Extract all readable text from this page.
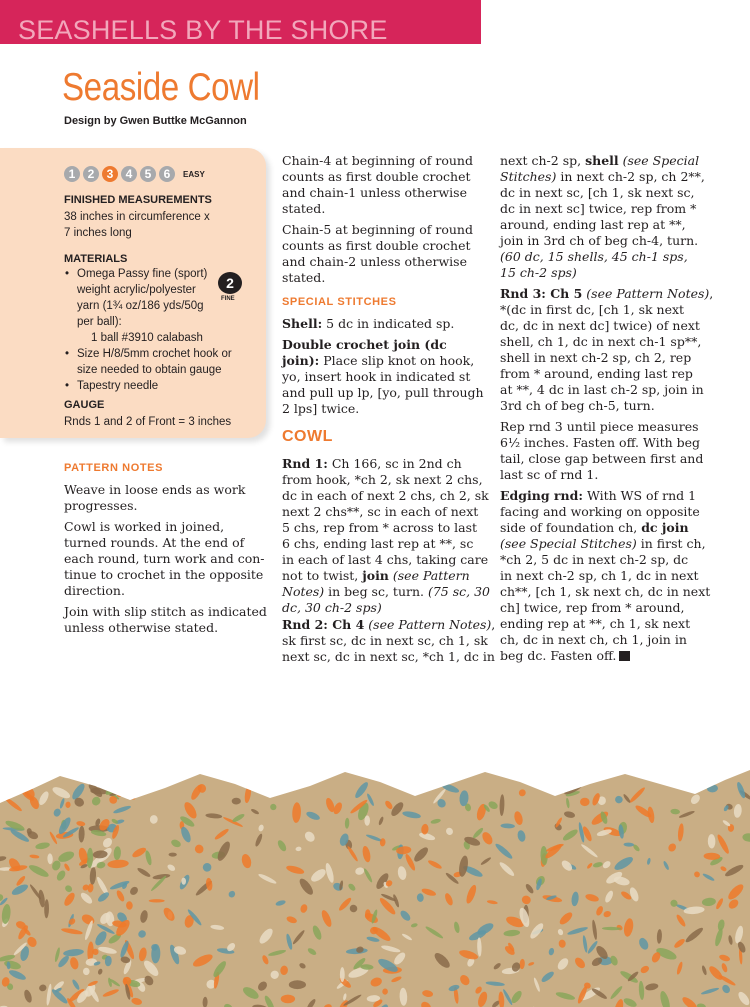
SEASHELLS BY THE SHORE
Seaside Cowl
Design by Gwen Buttke McGannon
1	2	3	4	5	6	EASY
FINISHED MEASUREMENTS
38 inches in circumference x
7 inches long
MATERIALS
• Omega Passy fine (sport)
weight acrylic/polyester
yarn (1¾ oz/186 yds/50g
per ball):
1 ball #3910 calabash
• Size H/8/5mm crochet hook or
size needed to obtain gauge
• Tapestry needle
2
FINE
GAUGE
Rnds 1 and 2 of Front = 3 inches
PATTERN NOTES
Weave in loose ends as work
progresses.
Cowl is worked in joined,
turned rounds. At the end of
each round, turn work and con-
tinue to crochet in the opposite
direction.
Join with slip stitch as indicated
unless otherwise stated.
Chain-4 at beginning of round
counts as first double crochet
and chain-1 unless otherwise
stated.
Chain-5 at beginning of round
counts as first double crochet
and chain-2 unless otherwise
stated.
SPECIAL STITCHES
Shell: 5 dc in indicated sp.
Double crochet join (dc
join): Place slip knot on hook,
yo, insert hook in indicated st
and pull up lp, [yo, pull through
2 lps] twice.
COWL
Rnd 1: Ch 166, sc in 2nd ch
from hook, *ch 2, sk next 2 chs,
dc in each of next 2 chs, ch 2, sk
next 2 chs**, sc in each of next
5 chs, rep from * across to last
6 chs, ending last rep at **, sc
in each of last 4 chs, taking care
not to twist, join (see Pattern
Notes) in beg sc, turn. (75 sc, 30
dc, 30 ch-2 sps)
Rnd 2: Ch 4 (see Pattern Notes),
sk first sc, dc in next sc, ch 1, sk
next sc, dc in next sc, *ch 1, dc in
next ch-2 sp, shell (see Special
Stitches) in next ch-2 sp, ch 2**,
dc in next sc, [ch 1, sk next sc,
dc in next sc] twice, rep from *
around, ending last rep at **,
join in 3rd ch of beg ch-4, turn.
(60 dc, 15 shells, 45 ch-1 sps,
15 ch-2 sps)
Rnd 3: Ch 5 (see Pattern Notes),
*(dc in first dc, [ch 1, sk next
dc, dc in next dc] twice) of next
shell, ch 1, dc in next ch-1 sp**,
shell in next ch-2 sp, ch 2, rep
from * around, ending last rep
at **, 4 dc in last ch-2 sp, join in
3rd ch of beg ch-5, turn.
Rep rnd 3 until piece measures
6½ inches. Fasten off. With beg
tail, close gap between first and
last sc of rnd 1.
Edging rnd: With WS of rnd 1
facing and working on opposite
side of foundation ch, dc join
(see Special Stitches) in first ch,
*ch 2, 5 dc in next ch-2 sp, dc
in next ch-2 sp, ch 1, dc in next
ch**, [ch 1, sk next ch, dc in next
ch] twice, rep from * around,
ending rep at **, ch 1, sk next
ch, dc in next ch, ch 1, join in
beg dc. Fasten off.
